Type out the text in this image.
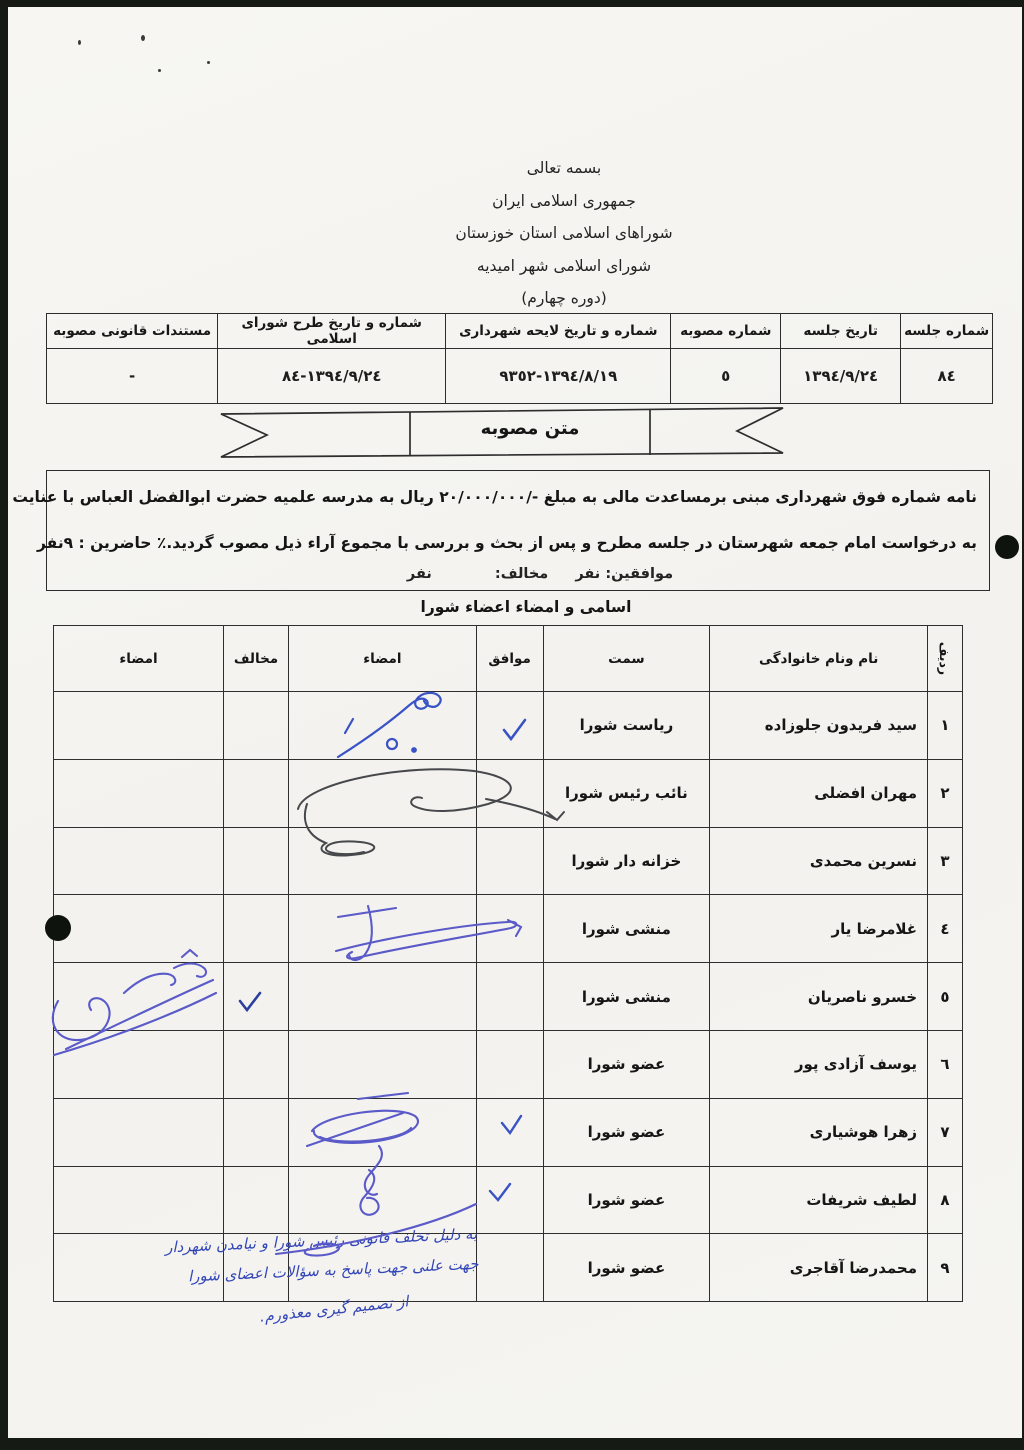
بسمه تعالی
جمهوری اسلامی ایران
شوراهای اسلامی استان خوزستان
شورای اسلامی شهر امیدیه
(دوره چهارم)
شماره جلسه	تاریخ جلسه	شماره مصوبه	شماره و تاریخ لایحه شهرداری	شماره و تاریخ طرح شورای اسلامی	مستندات قانونی مصوبه
٨٤	١٣٩٤/٩/٢٤	٥	١٣٩٤/٨/١٩-٩٣٥٢	١٣٩٤/٩/٢٤-٨٤	-
متن مصوبه
نامه شماره فوق شهرداری مبنی برمساعدت مالی به مبلغ ٢٠/٠٠٠/٠٠٠/- ریال به مدرسه علمیه حضرت ابوالفضل العباس با عنایت
به درخواست امام جمعه شهرستان در جلسه مطرح و پس از بحث و بررسی با مجموع آراء ذیل مصوب گردید.٪ حاضرین : ٩نفر
موافقین: نفر مخالف: نفر
اسامی و امضاء اعضاء شورا
ردیف	نام ونام خانوادگی	سمت	موافق	امضاء	مخالف	امضاء
١	سید فریدون جلوزاده	ریاست شورا				
٢	مهران افضلی	نائب رئیس شورا				
٣	نسرین محمدی	خزانه دار شورا				
٤	غلامرضا یار	منشی شورا				
٥	خسرو ناصریان	منشی شورا				
٦	یوسف آزادی پور	عضو شورا				
٧	زهرا هوشیاری	عضو شورا				
٨	لطیف شریفات	عضو شورا				
٩	محمدرضا آقاجری	عضو شورا				
به دلیل تخلف قانونی رئیس شورا و نیامدن شهردار
جهت علنی جهت پاسخ به سؤالات اعضای شورا
از تصمیم گیری معذورم.
